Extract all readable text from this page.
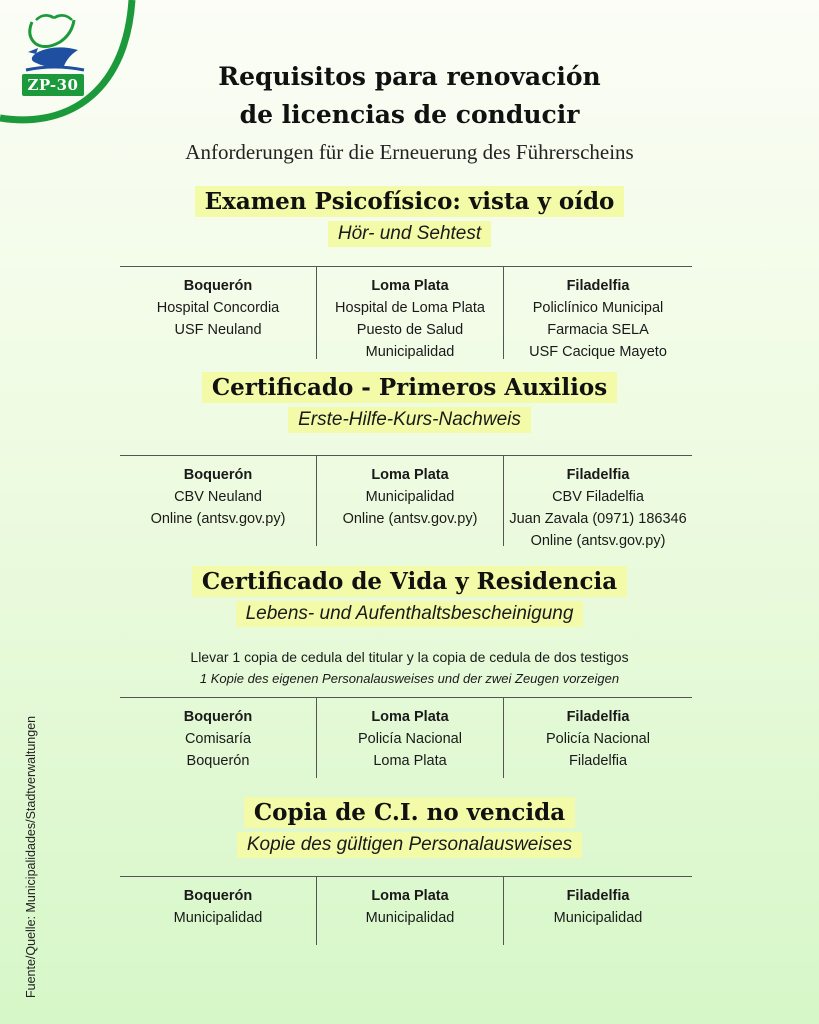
ZP-30	Requisitos para renovación
de licencias de conducir
Anforderungen für die Erneuerung des Führerscheins
Examen Psicofísico: vista y oído
Hör- und Sehtest
Boquerón
Hospital Concordia
USF Neuland
Loma Plata
Hospital de Loma Plata
Puesto de Salud
Municipalidad
Filadelfia
Policlínico Municipal
Farmacia SELA
USF Cacique Mayeto
Certificado - Primeros Auxilios
Erste-Hilfe-Kurs-Nachweis
Boquerón
CBV Neuland
Online (antsv.gov.py)
Loma Plata
Municipalidad
Online (antsv.gov.py)
Filadelfia
CBV Filadelfia
Juan Zavala (0971) 186346
Online (antsv.gov.py)
Certificado de Vida y Residencia
Lebens- und Aufenthaltsbescheinigung
Llevar 1 copia de cedula del titular y la copia de cedula de dos testigos
1 Kopie des eigenen Personalausweises und der zwei Zeugen vorzeigen
Boquerón
Comisaría
Boquerón
Loma Plata
Policía Nacional
Loma Plata
Filadelfia
Policía Nacional
Filadelfia
Copia de C.I. no vencida
Kopie des gültigen Personalausweises
Boquerón
Municipalidad
Loma Plata
Municipalidad
Filadelfia
Municipalidad
Fuente/Quelle: Municipalidades/Stadtverwaltungen
